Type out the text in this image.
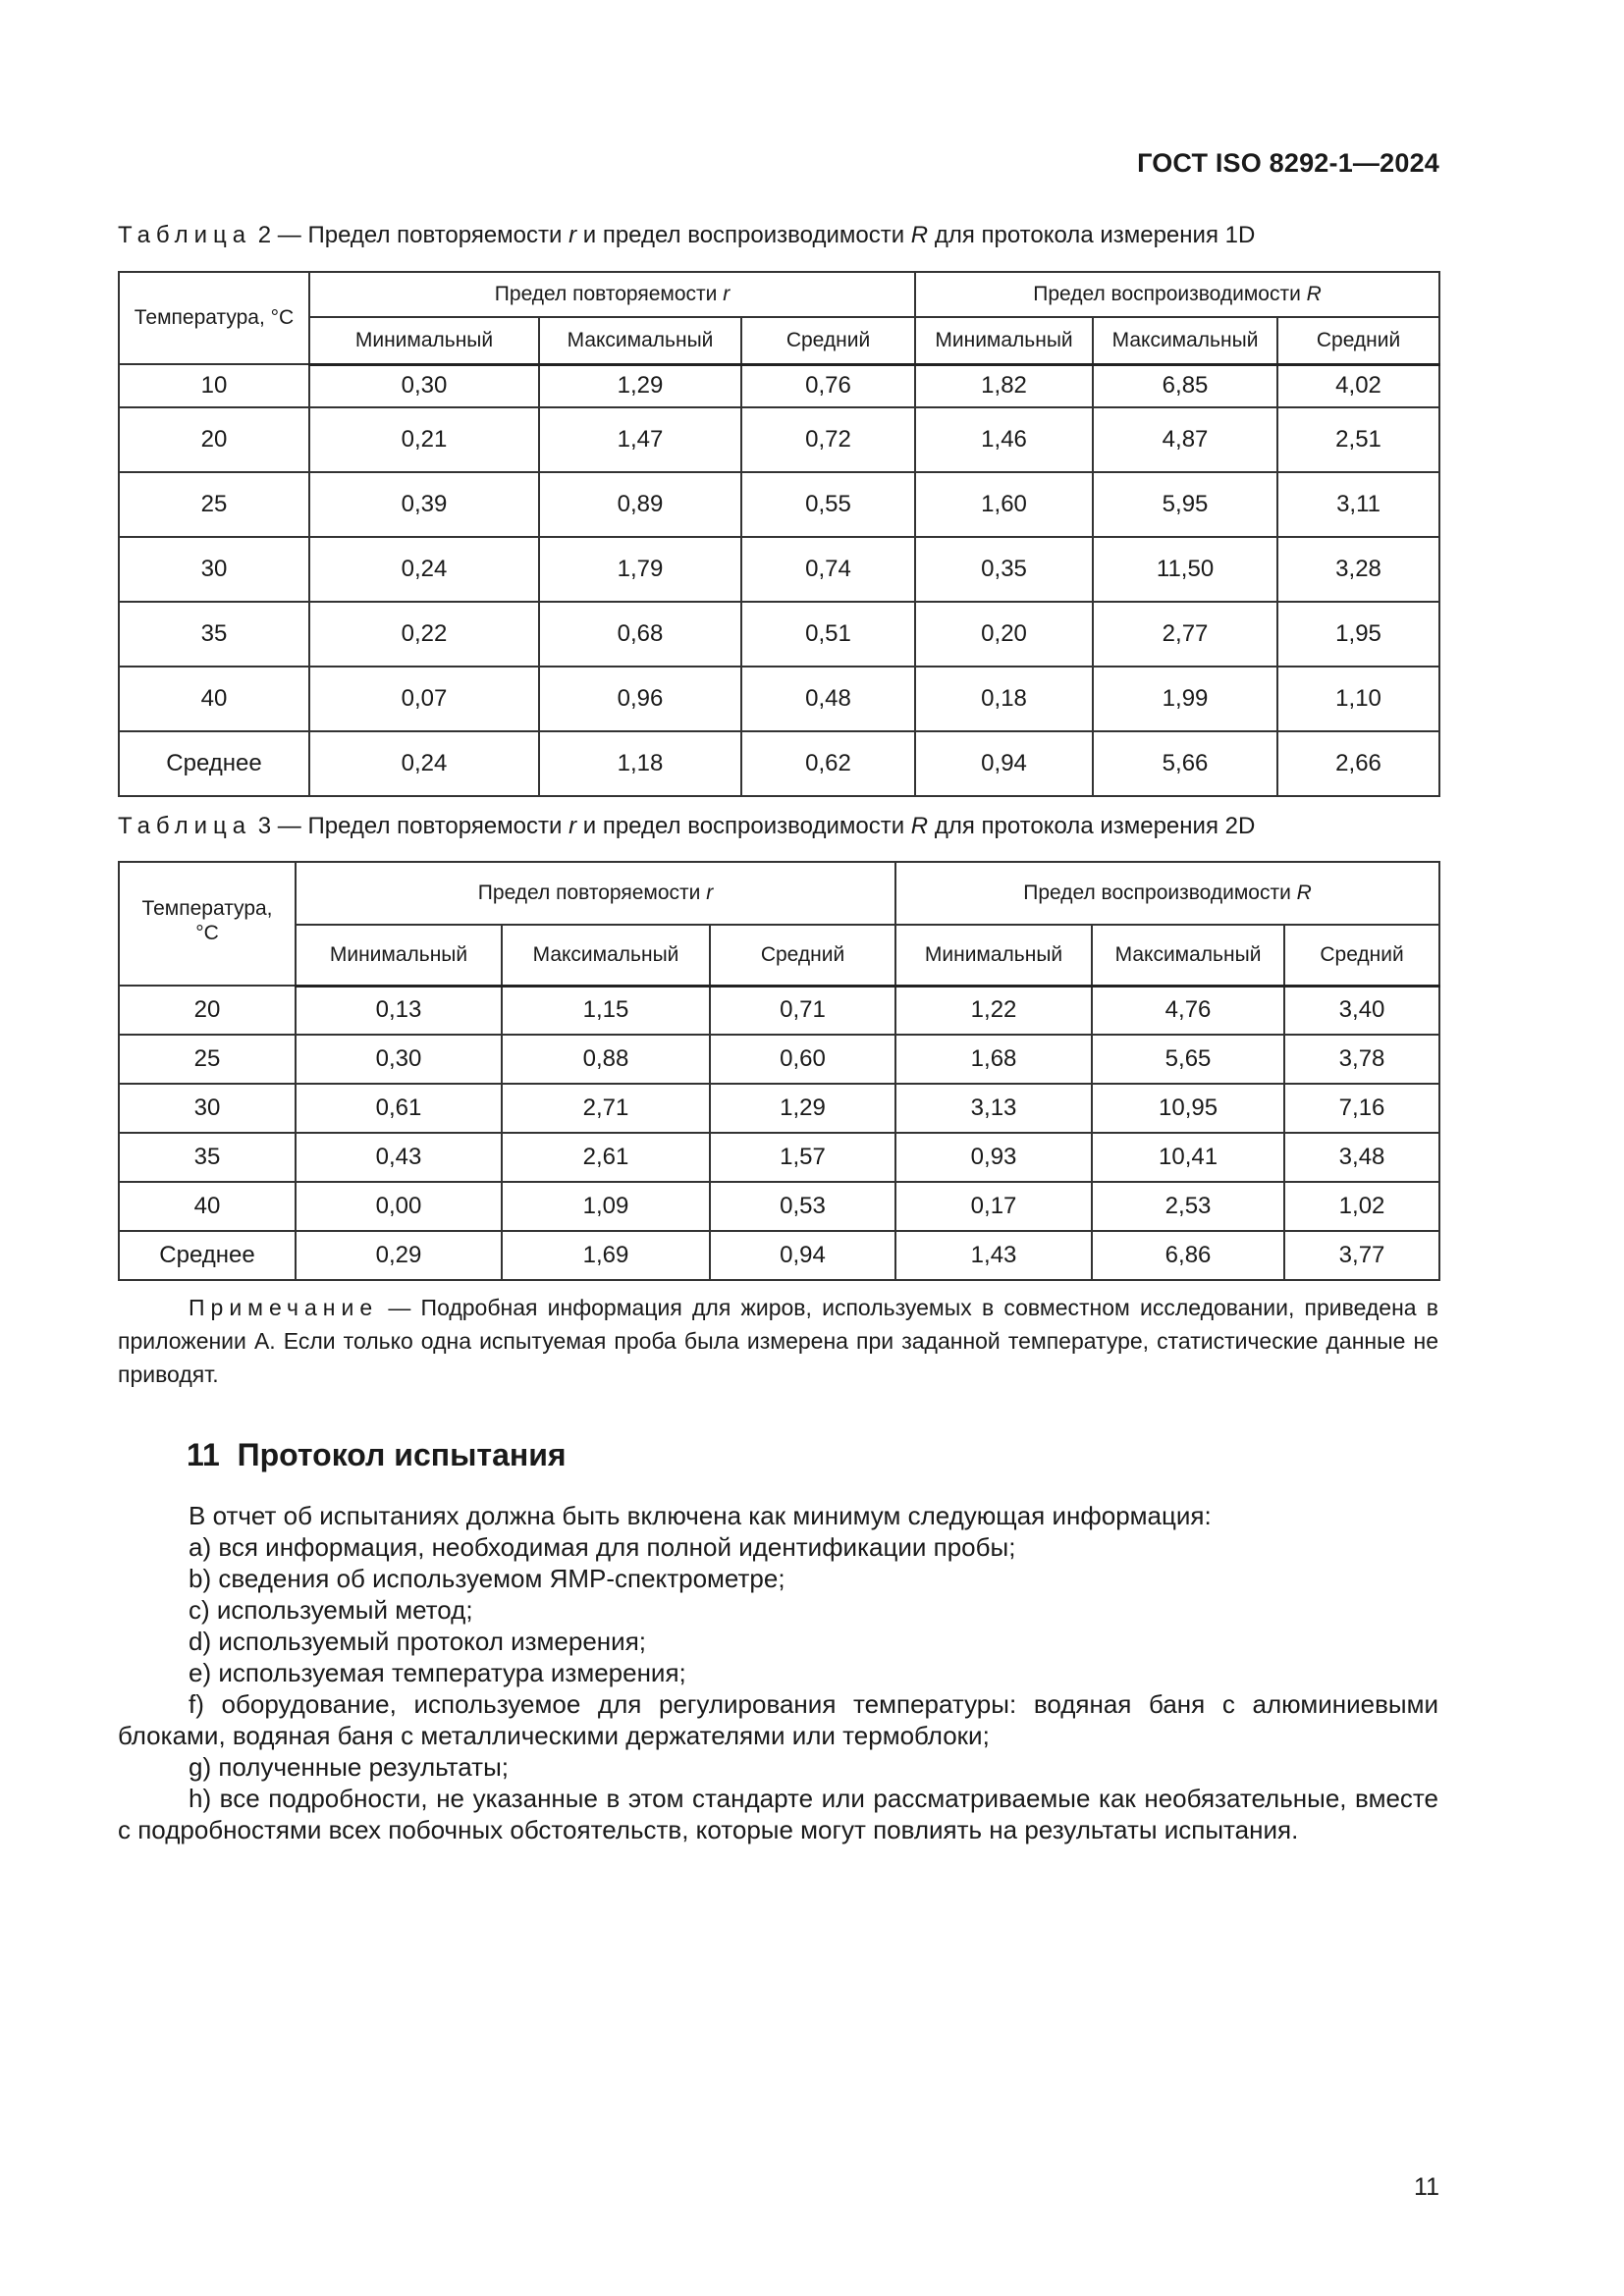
ГОСТ ISO 8292-1—2024
Таблица 2 — Предел повторяемости r и предел воспроизводимости R для протокола измерения 1D
Температура, °С	Предел повторяемости r			Предел воспроизводимости R		
	Минимальный	Максимальный	Средний	Минимальный	Максимальный	Средний
10	0,30	1,29	0,76	1,82	6,85	4,02
20	0,21	1,47	0,72	1,46	4,87	2,51
25	0,39	0,89	0,55	1,60	5,95	3,11
30	0,24	1,79	0,74	0,35	11,50	3,28
35	0,22	0,68	0,51	0,20	2,77	1,95
40	0,07	0,96	0,48	0,18	1,99	1,10
Среднее	0,24	1,18	0,62	0,94	5,66	2,66
Таблица 3 — Предел повторяемости r и предел воспроизводимости R для протокола измерения 2D
Температура,
°С	Предел повторяемости r			Предел воспроизводимости R		
	Минимальный	Максимальный	Средний	Минимальный	Максимальный	Средний
20	0,13	1,15	0,71	1,22	4,76	3,40
25	0,30	0,88	0,60	1,68	5,65	3,78
30	0,61	2,71	1,29	3,13	10,95	7,16
35	0,43	2,61	1,57	0,93	10,41	3,48
40	0,00	1,09	0,53	0,17	2,53	1,02
Среднее	0,29	1,69	0,94	1,43	6,86	3,77
Примечание — Подробная информация для жиров, используемых в совместном исследовании, приведена в приложении А. Если только одна испытуемая проба была измерена при заданной температуре, статистические данные не приводят.
11 Протокол испытания

В отчет об испытаниях должна быть включена как минимум следующая информация:

a) вся информация, необходимая для полной идентификации пробы;

b) сведения об используемом ЯМР-спектрометре;

c) используемый метод;

d) используемый протокол измерения;

e) используемая температура измерения;

f) оборудование, используемое для регулирования температуры: водяная баня с алюминиевыми блоками, водяная баня с металлическими держателями или термоблоки;

g) полученные результаты;

h) все подробности, не указанные в этом стандарте или рассматриваемые как необязательные, вместе с подробностями всех побочных обстоятельств, которые могут повлиять на результаты испытания.

11
